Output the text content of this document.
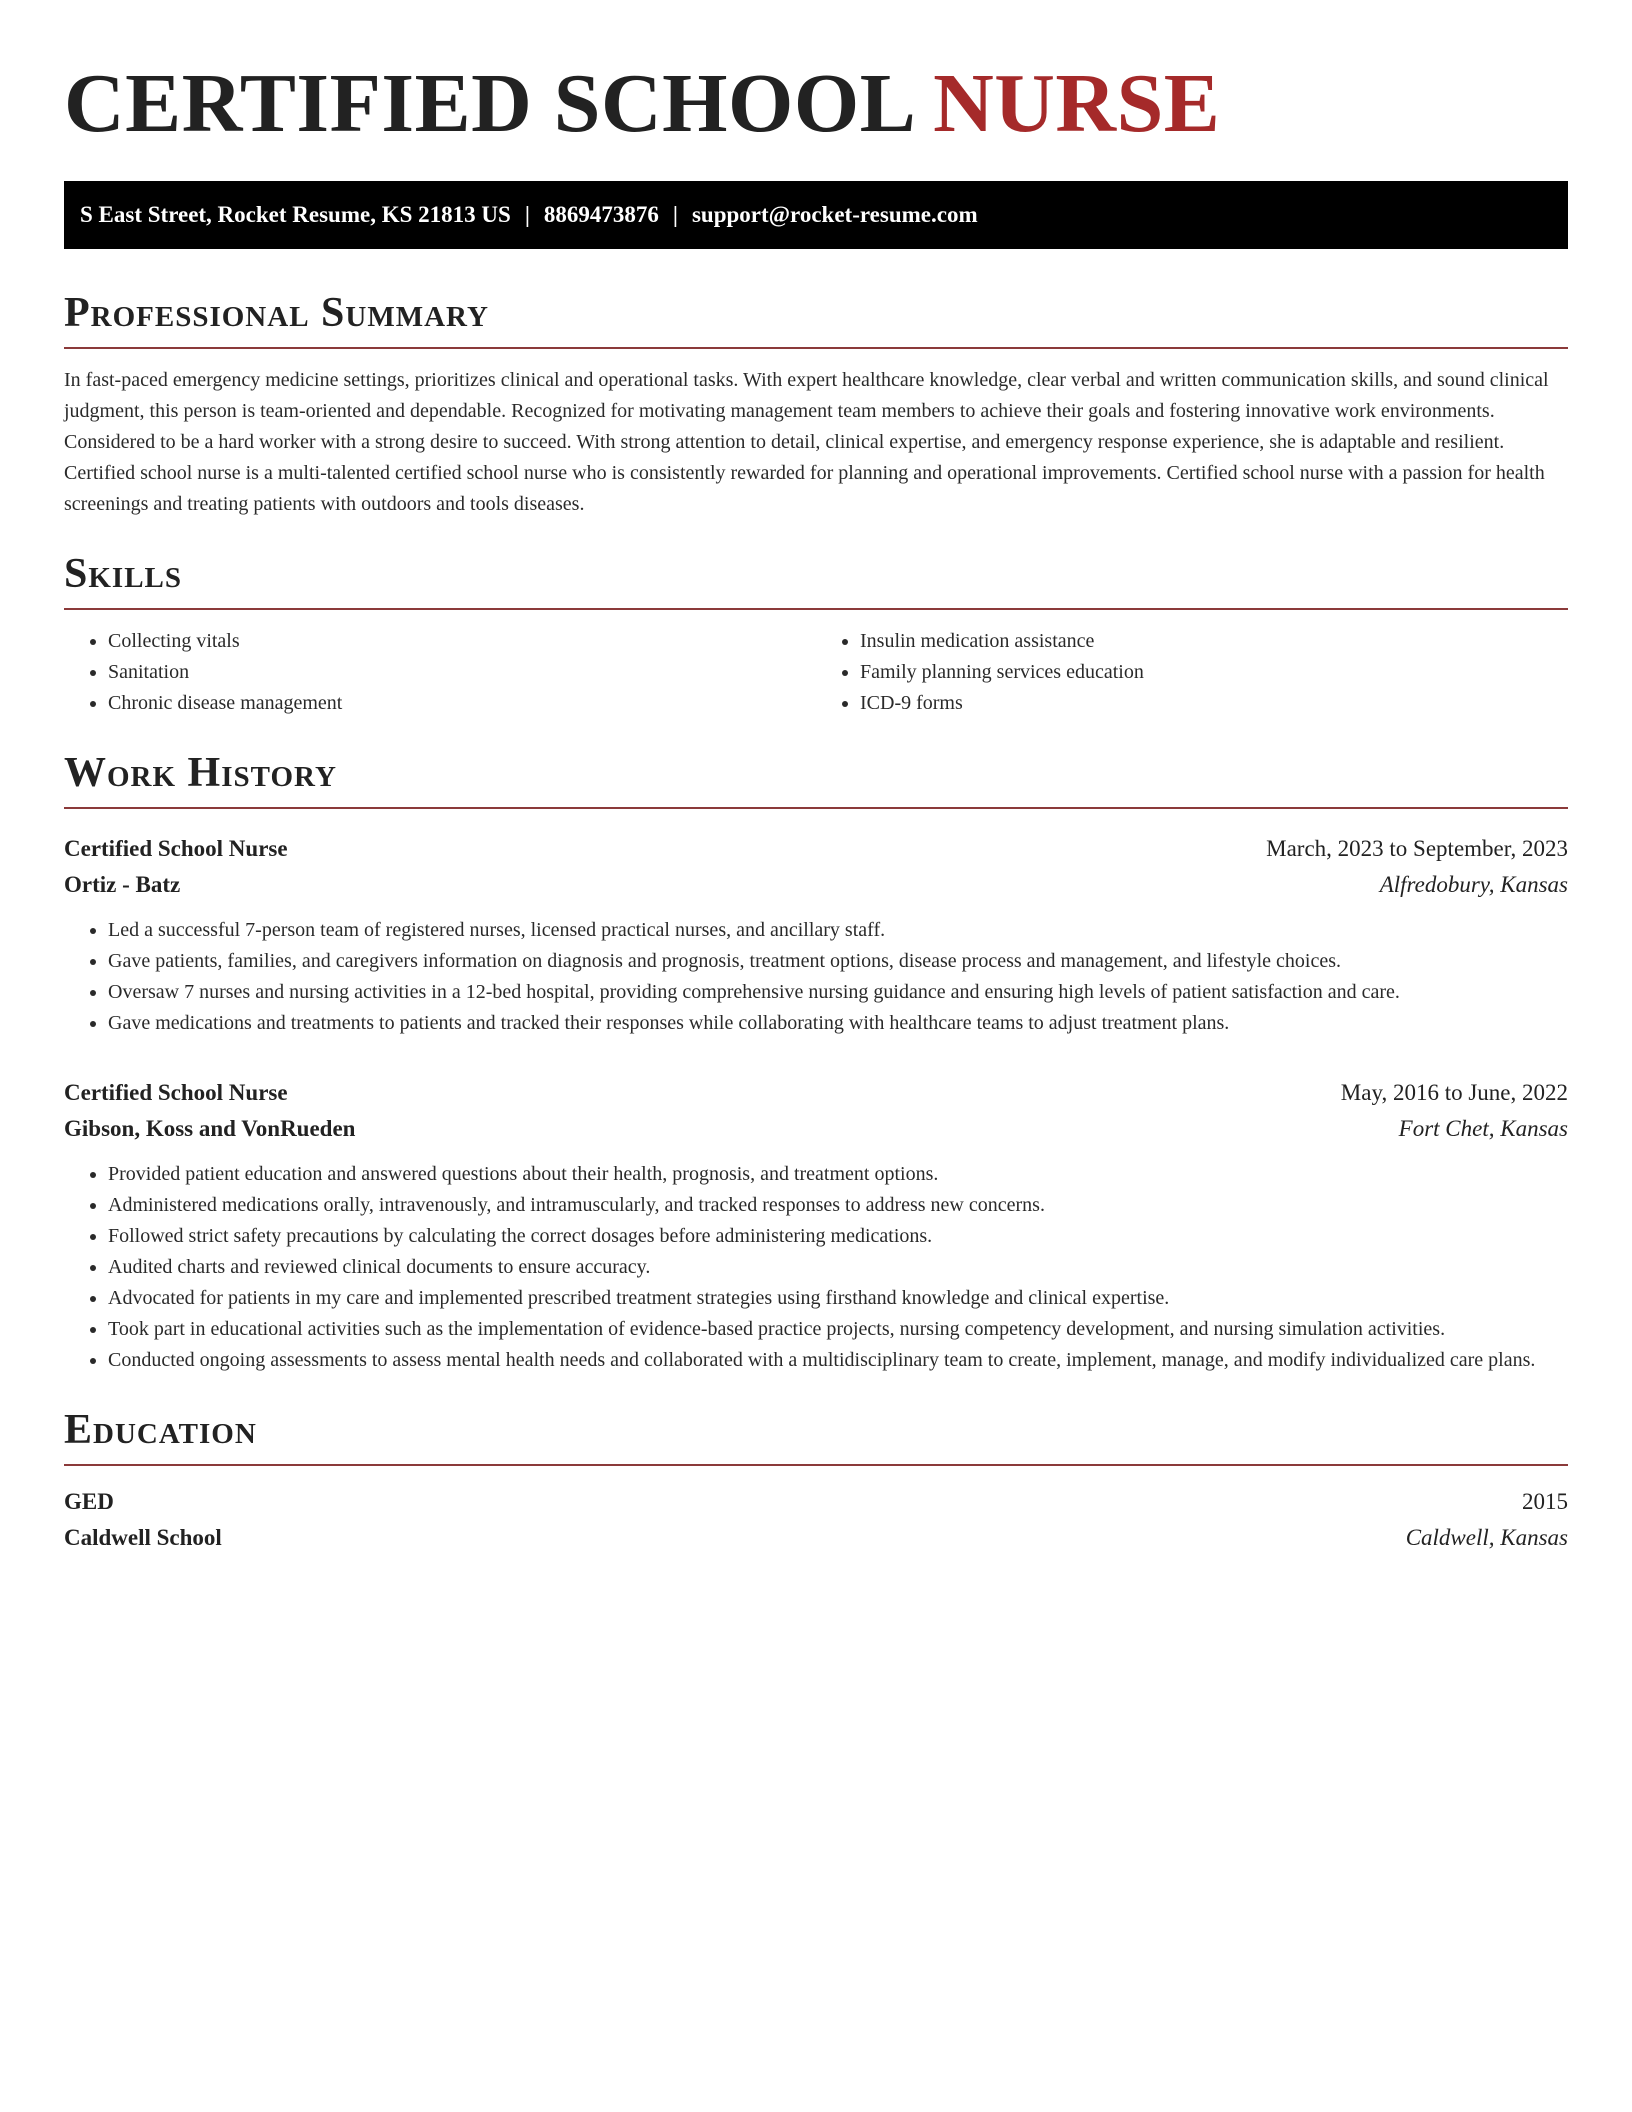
CERTIFIED SCHOOL NURSE
S East Street, Rocket Resume, KS 21813 US | 8869473876 | support@rocket-resume.com
Professional Summary

In fast-paced emergency medicine settings, prioritizes clinical and operational tasks. With expert healthcare knowledge, clear verbal and written communication skills, and sound clinical judgment, this person is team-oriented and dependable. Recognized for motivating management team members to achieve their goals and fostering innovative work environments. Considered to be a hard worker with a strong desire to succeed. With strong attention to detail, clinical expertise, and emergency response experience, she is adaptable and resilient. Certified school nurse is a multi-talented certified school nurse who is consistently rewarded for planning and operational improvements. Certified school nurse with a passion for health screenings and treating patients with outdoors and tools diseases.

Skills
• Collecting vitals
• Sanitation
• Chronic disease management
• Insulin medication assistance
• Family planning services education
• ICD-9 forms
Work History
Certified School Nurse	March, 2023 to September, 2023
Ortiz - Batz	Alfredobury, Kansas
• Led a successful 7-person team of registered nurses, licensed practical nurses, and ancillary staff.
• Gave patients, families, and caregivers information on diagnosis and prognosis, treatment options, disease process and management, and lifestyle choices.
• Oversaw 7 nurses and nursing activities in a 12-bed hospital, providing comprehensive nursing guidance and ensuring high levels of patient satisfaction and care.
• Gave medications and treatments to patients and tracked their responses while collaborating with healthcare teams to adjust treatment plans.
Certified School Nurse	May, 2016 to June, 2022
Gibson, Koss and VonRueden	Fort Chet, Kansas
• Provided patient education and answered questions about their health, prognosis, and treatment options.
• Administered medications orally, intravenously, and intramuscularly, and tracked responses to address new concerns.
• Followed strict safety precautions by calculating the correct dosages before administering medications.
• Audited charts and reviewed clinical documents to ensure accuracy.
• Advocated for patients in my care and implemented prescribed treatment strategies using firsthand knowledge and clinical expertise.
• Took part in educational activities such as the implementation of evidence-based practice projects, nursing competency development, and nursing simulation activities.
• Conducted ongoing assessments to assess mental health needs and collaborated with a multidisciplinary team to create, implement, manage, and modify individualized care plans.
Education
GED	2015
Caldwell School	Caldwell, Kansas
